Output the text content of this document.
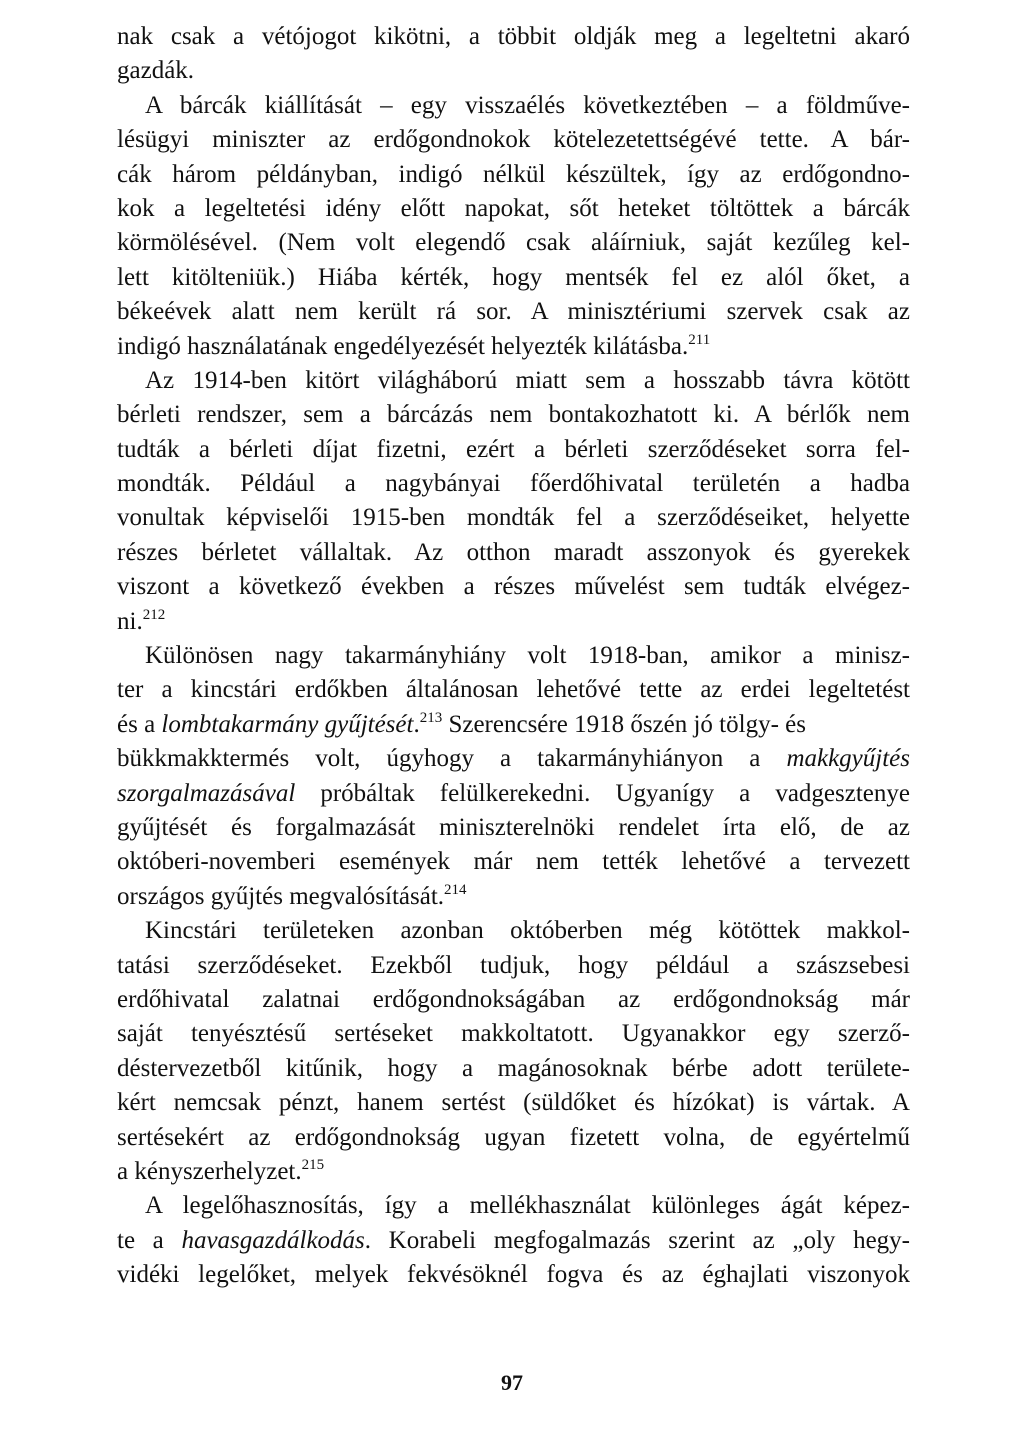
nak csak a vétójogot kikötni, a többit oldják meg a legeltetni akaró
gazdák.
A bárcák kiállítását – egy visszaélés következtében – a földműve-
lésügyi miniszter az erdőgondnokok kötelezetettségévé tette. A bár-
cák három példányban, indigó nélkül készültek, így az erdőgondno-
kok a legeltetési idény előtt napokat, sőt heteket töltöttek a bárcák
körmölésével. (Nem volt elegendő csak aláírniuk, saját kezűleg kel-
lett kitölteniük.) Hiába kérték, hogy mentsék fel ez alól őket, a
békeévek alatt nem került rá sor. A minisztériumi szervek csak az
indigó használatának engedélyezését helyezték kilátásba.$^{211}$
Az 1914-ben kitört világháború miatt sem a hosszabb távra kötött
bérleti rendszer, sem a bárcázás nem bontakozhatott ki. A bérlők nem
tudták a bérleti díjat fizetni, ezért a bérleti szerződéseket sorra fel-
mondták. Például a nagybányai főerdőhivatal területén a hadba
vonultak képviselői 1915-ben mondták fel a szerződéseiket, helyette
részes bérletet vállaltak. Az otthon maradt asszonyok és gyerekek
viszont a következő években a részes művelést sem tudták elvégez-
ni.$^{212}$
Különösen nagy takarmányhiány volt 1918-ban, amikor a minisz-
ter a kincstári erdőkben általánosan lehetővé tette az erdei legeltetést
és a lombtakarmány gyűjtését.$^{213}$ Szerencsére 1918 őszén jó tölgy- és
bükkmakktermés volt, úgyhogy a takarmányhiányon a makkgyűjtés
szorgalmazásával próbáltak felülkerekedni. Ugyanígy a vadgesztenye
gyűjtését és forgalmazását miniszterelnöki rendelet írta elő, de az
októberi-novemberi események már nem tették lehetővé a tervezett
országos gyűjtés megvalósítását.$^{214}$
Kincstári területeken azonban októberben még kötöttek makkol-
tatási szerződéseket. Ezekből tudjuk, hogy például a szászsebesi
erdőhivatal zalatnai erdőgondnokságában az erdőgondnokság már
saját tenyésztésű sertéseket makkoltatott. Ugyanakkor egy szerző-
déstervezetből kitűnik, hogy a magánosoknak bérbe adott területe-
kért nemcsak pénzt, hanem sertést (süldőket és hízókat) is vártak. A
sertésekért az erdőgondnokság ugyan fizetett volna, de egyértelmű
a kényszerhelyzet.$^{215}$
A legelőhasznosítás, így a mellékhasználat különleges ágát képez-
te a havasgazdálkodás. Korabeli megfogalmazás szerint az „oly hegy-
vidéki legelőket, melyek fekvésöknél fogva és az éghajlati viszonyok
97
